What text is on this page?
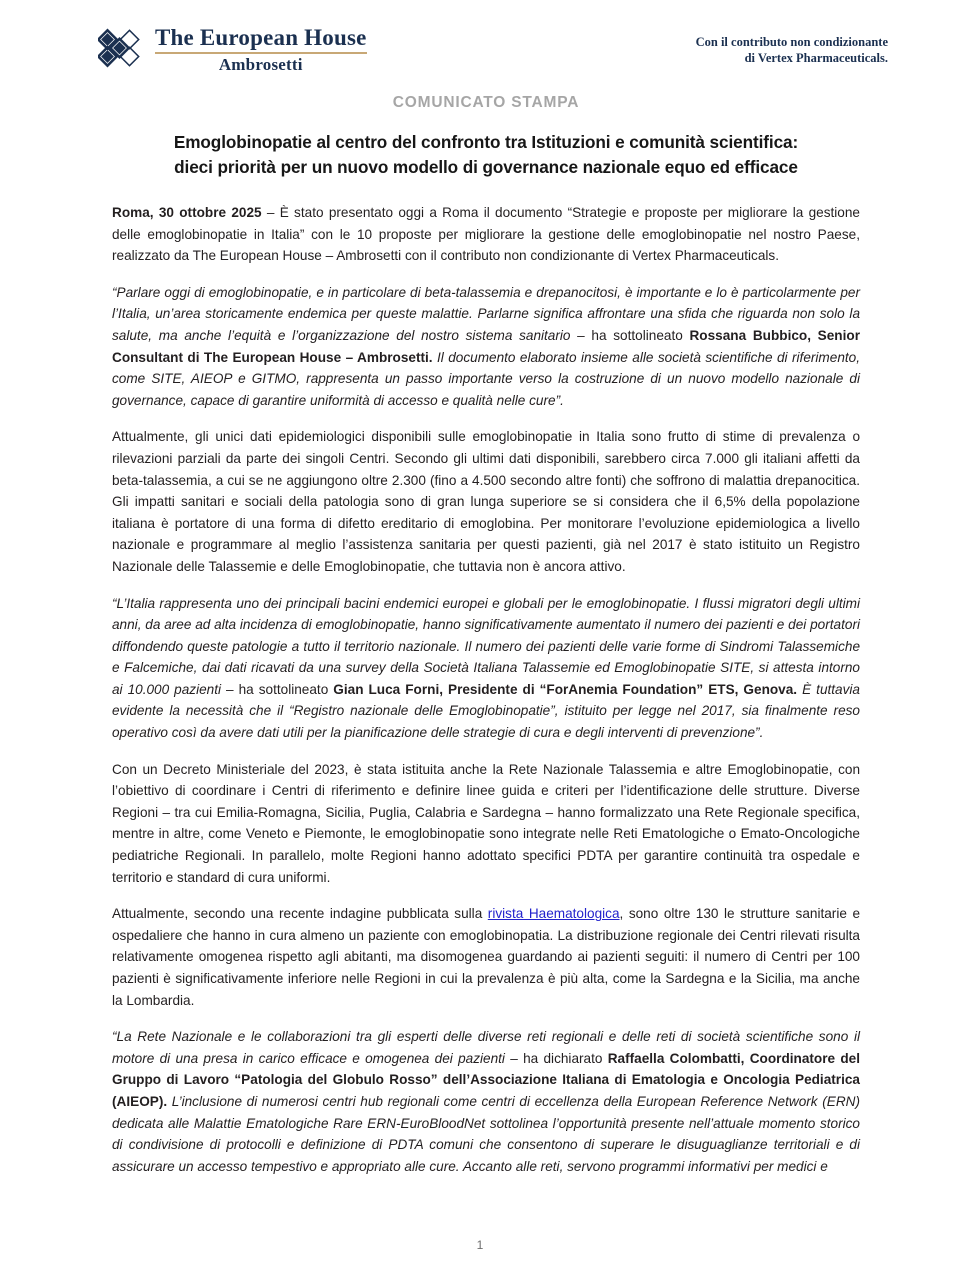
The European House
Ambrosetti
Con il contributo non condizionante
di Vertex Pharmaceuticals.
COMUNICATO STAMPA
Emoglobinopatie al centro del confronto tra Istituzioni e comunità scientifica:
dieci priorità per un nuovo modello di governance nazionale equo ed efficace

Roma, 30 ottobre 2025 – È stato presentato oggi a Roma il documento “Strategie e proposte per migliorare la gestione delle emoglobinopatie in Italia” con le 10 proposte per migliorare la gestione delle emoglobinopatie nel nostro Paese, realizzato da The European House – Ambrosetti con il contributo non condizionante di Vertex Pharmaceuticals.

“Parlare oggi di emoglobinopatie, e in particolare di beta-talassemia e drepanocitosi, è importante e lo è particolarmente per l’Italia, un’area storicamente endemica per queste malattie. Parlarne significa affrontare una sfida che riguarda non solo la salute, ma anche l’equità e l’organizzazione del nostro sistema sanitario – ha sottolineato Rossana Bubbico, Senior Consultant di The European House – Ambrosetti. Il documento elaborato insieme alle società scientifiche di riferimento, come SITE, AIEOP e GITMO, rappresenta un passo importante verso la costruzione di un nuovo modello nazionale di governance, capace di garantire uniformità di accesso e qualità nelle cure”.

Attualmente, gli unici dati epidemiologici disponibili sulle emoglobinopatie in Italia sono frutto di stime di prevalenza o rilevazioni parziali da parte dei singoli Centri. Secondo gli ultimi dati disponibili, sarebbero circa 7.000 gli italiani affetti da beta-talassemia, a cui se ne aggiungono oltre 2.300 (fino a 4.500 secondo altre fonti) che soffrono di malattia drepanocitica. Gli impatti sanitari e sociali della patologia sono di gran lunga superiore se si considera che il 6,5% della popolazione italiana è portatore di una forma di difetto ereditario di emoglobina. Per monitorare l’evoluzione epidemiologica a livello nazionale e programmare al meglio l’assistenza sanitaria per questi pazienti, già nel 2017 è stato istituito un Registro Nazionale delle Talassemie e delle Emoglobinopatie, che tuttavia non è ancora attivo.

“L’Italia rappresenta uno dei principali bacini endemici europei e globali per le emoglobinopatie. I flussi migratori degli ultimi anni, da aree ad alta incidenza di emoglobinopatie, hanno significativamente aumentato il numero dei pazienti e dei portatori diffondendo queste patologie a tutto il territorio nazionale. Il numero dei pazienti delle varie forme di Sindromi Talassemiche e Falcemiche, dai dati ricavati da una survey della Società Italiana Talassemie ed Emoglobinopatie SITE, si attesta intorno ai 10.000 pazienti – ha sottolineato Gian Luca Forni, Presidente di “ForAnemia Foundation” ETS, Genova. È tuttavia evidente la necessità che il “Registro nazionale delle Emoglobinopatie”, istituito per legge nel 2017, sia finalmente reso operativo così da avere dati utili per la pianificazione delle strategie di cura e degli interventi di prevenzione”.

Con un Decreto Ministeriale del 2023, è stata istituita anche la Rete Nazionale Talassemia e altre Emoglobinopatie, con l’obiettivo di coordinare i Centri di riferimento e definire linee guida e criteri per l’identificazione delle strutture. Diverse Regioni – tra cui Emilia-Romagna, Sicilia, Puglia, Calabria e Sardegna – hanno formalizzato una Rete Regionale specifica, mentre in altre, come Veneto e Piemonte, le emoglobinopatie sono integrate nelle Reti Ematologiche o Emato-Oncologiche pediatriche Regionali. In parallelo, molte Regioni hanno adottato specifici PDTA per garantire continuità tra ospedale e territorio e standard di cura uniformi.

Attualmente, secondo una recente indagine pubblicata sulla rivista Haematologica, sono oltre 130 le strutture sanitarie e ospedaliere che hanno in cura almeno un paziente con emoglobinopatia. La distribuzione regionale dei Centri rilevati risulta relativamente omogenea rispetto agli abitanti, ma disomogenea guardando ai pazienti seguiti: il numero di Centri per 100 pazienti è significativamente inferiore nelle Regioni in cui la prevalenza è più alta, come la Sardegna e la Sicilia, ma anche la Lombardia.

“La Rete Nazionale e le collaborazioni tra gli esperti delle diverse reti regionali e delle reti di società scientifiche sono il motore di una presa in carico efficace e omogenea dei pazienti – ha dichiarato Raffaella Colombatti, Coordinatore del Gruppo di Lavoro “Patologia del Globulo Rosso” dell’Associazione Italiana di Ematologia e Oncologia Pediatrica (AIEOP). L’inclusione di numerosi centri hub regionali come centri di eccellenza della European Reference Network (ERN) dedicata alle Malattie Ematologiche Rare ERN-EuroBloodNet sottolinea l’opportunità presente nell’attuale momento storico di condivisione di protocolli e definizione di PDTA comuni che consentono di superare le disuguaglianze territoriali e di assicurare un accesso tempestivo e appropriato alle cure. Accanto alle reti, servono programmi informativi per medici e

1
